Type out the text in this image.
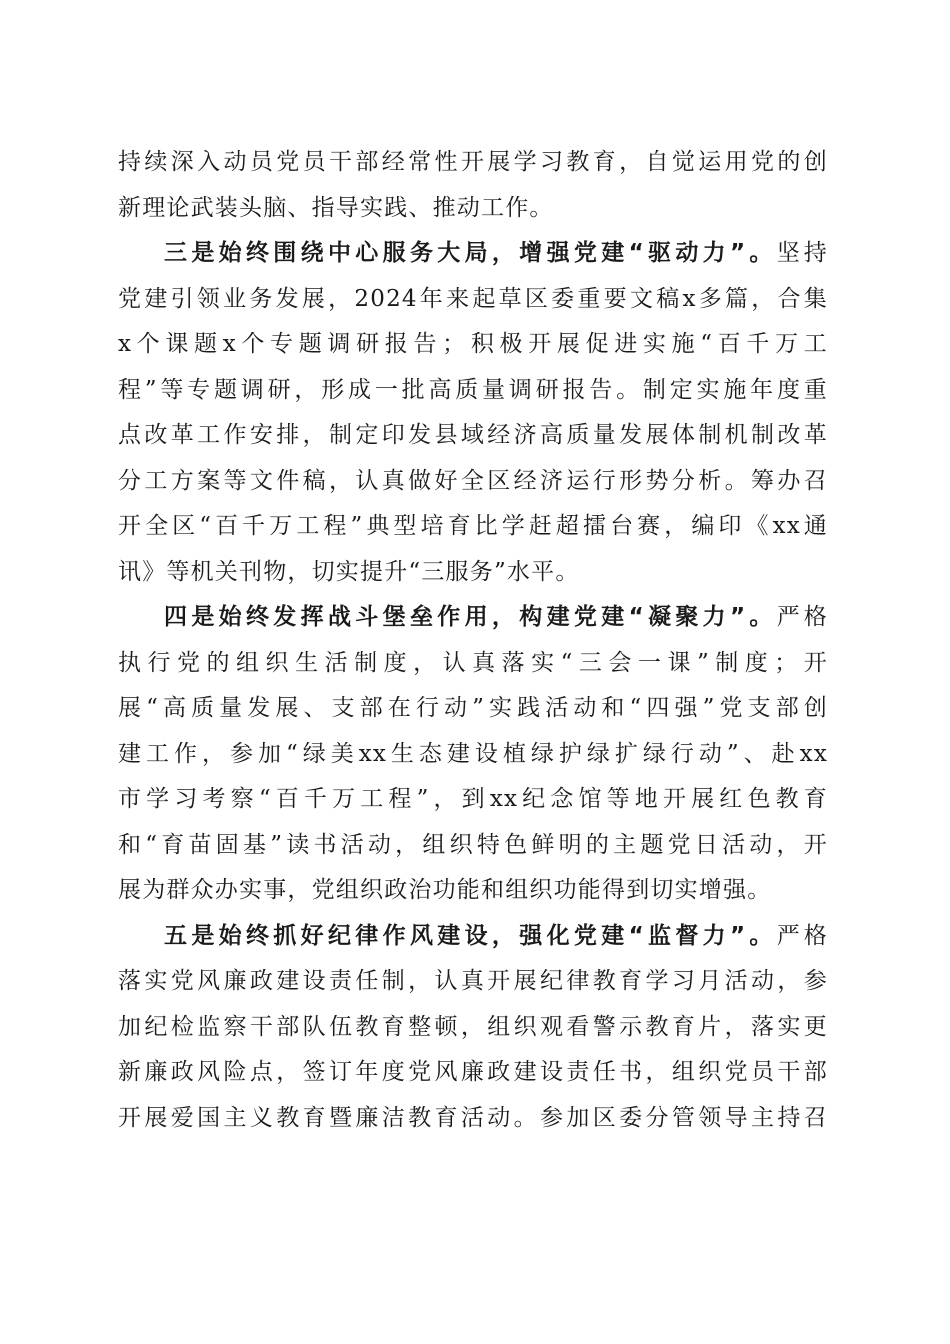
持续深入动员党员干部经常性开展学习教育，自觉运用党的创
新理论武装头脑、指导实践、推动工作。
三是始终围绕中心服务大局，增强党建“驱动力”。坚持
党建引领业务发展，2024年来起草区委重要文稿x多篇，合集
x个课题x个专题调研报告；积极开展促进实施“百千万工
程”等专题调研，形成一批高质量调研报告。制定实施年度重
点改革工作安排，制定印发县域经济高质量发展体制机制改革
分工方案等文件稿，认真做好全区经济运行形势分析。筹办召
开全区“百千万工程”典型培育比学赶超擂台赛，编印《xx通
讯》等机关刊物，切实提升“三服务”水平。
四是始终发挥战斗堡垒作用，构建党建“凝聚力”。严格
执行党的组织生活制度，认真落实“三会一课”制度；开
展“高质量发展、支部在行动”实践活动和“四强”党支部创
建工作，参加“绿美xx生态建设植绿护绿扩绿行动”、赴xx
市学习考察“百千万工程”，到xx纪念馆等地开展红色教育
和“育苗固基”读书活动，组织特色鲜明的主题党日活动，开
展为群众办实事，党组织政治功能和组织功能得到切实增强。
五是始终抓好纪律作风建设，强化党建“监督力”。严格
落实党风廉政建设责任制，认真开展纪律教育学习月活动，参
加纪检监察干部队伍教育整顿，组织观看警示教育片，落实更
新廉政风险点，签订年度党风廉政建设责任书，组织党员干部
开展爱国主义教育暨廉洁教育活动。参加区委分管领导主持召
